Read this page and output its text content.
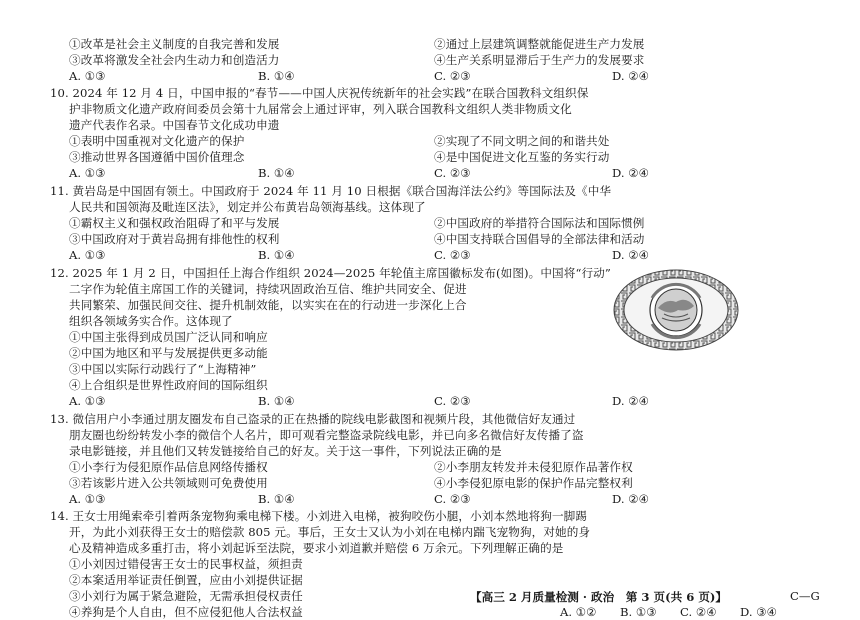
①改革是社会主义制度的自我完善和发展	②通过上层建筑调整就能促进生产力发展
③改革将激发全社会内生动力和创造活力	④生产关系明显滞后于生产力的发展要求
A. ①③	B. ①④	C. ②③	D. ②④
10. 2024 年 12 月 4 日，中国申报的“春节——中国人庆祝传统新年的社会实践”在联合国教科文组织保
护非物质文化遗产政府间委员会第十九届常会上通过评审，列入联合国教科文组织人类非物质文化
遗产代表作名录。中国春节文化成功申遗
①表明中国重视对文化遗产的保护	②实现了不同文明之间的和谐共处
③推动世界各国遵循中国价值理念	④是中国促进文化互鉴的务实行动
A. ①③	B. ①④	C. ②③	D. ②④
11. 黄岩岛是中国固有领土。中国政府于 2024 年 11 月 10 日根据《联合国海洋法公约》等国际法及《中华
人民共和国领海及毗连区法》，划定并公布黄岩岛领海基线。这体现了
①霸权主义和强权政治阻碍了和平与发展	②中国政府的举措符合国际法和国际惯例
③中国政府对于黄岩岛拥有排他性的权利	④中国支持联合国倡导的全部法律和活动
A. ①③	B. ①④	C. ②③	D. ②④
12. 2025 年 1 月 2 日，中国担任上海合作组织 2024—2025 年轮值主席国徽标发布(如图)。中国将“行动”
二字作为轮值主席国工作的关键词，持续巩固政治互信、维护共同安全、促进
共同繁荣、加强民间交往、提升机制效能，以实实在在的行动进一步深化上合
组织各领域务实合作。这体现了
①中国主张得到成员国广泛认同和响应
②中国为地区和平与发展提供更多动能
③中国以实际行动践行了“上海精神”
④上合组织是世界性政府间的国际组织
A. ①③	B. ①④	C. ②③	D. ②④
13. 微信用户小李通过朋友圈发布自己盗录的正在热播的院线电影截图和视频片段，其他微信好友通过
朋友圈也纷纷转发小李的微信个人名片，即可观看完整盗录院线电影，并已向多名微信好友传播了盗
录电影链接，并且他们又转发链接给自己的好友。关于这一事件，下列说法正确的是
①小李行为侵犯原作品信息网络传播权	②小李朋友转发并未侵犯原作品著作权
③若该影片进入公共领域则可免费使用	④小李侵犯原电影的保护作品完整权利
A. ①③	B. ①④	C. ②③	D. ②④
14. 王女士用绳索牵引着两条宠物狗乘电梯下楼。小刘进入电梯，被狗咬伤小腿，小刘本然地将狗一脚踢
开，为此小刘获得王女士的赔偿款 805 元。事后，王女士又认为小刘在电梯内踹飞宠物狗，对她的身
心及精神造成多重打击，将小刘起诉至法院，要求小刘道歉并赔偿 6 万余元。下列理解正确的是
①小刘因过错侵害王女士的民事权益，须担责
②本案适用举证责任倒置，应由小刘提供证据
③小刘行为属于紧急避险，无需承担侵权责任
④养狗是个人自由，但不应侵犯他人合法权益	A. ①② B. ①③ C. ②④ D. ③④
【高三 2 月质量检测 · 政治　第 3 页(共 6 页)】	C—G
